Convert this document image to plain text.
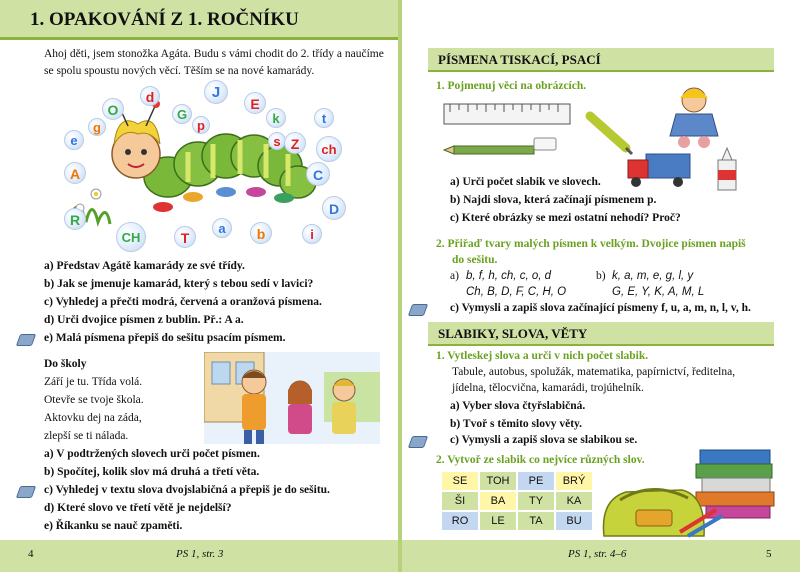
1. OPAKOVÁNÍ Z 1. ROČNÍKU
Ahoj děti, jsem stonožka Agáta. Budu s vámi chodit do 2. třídy a naučíme
se spolu spoustu nových věcí. Těším se na nové kamarády.
O
d	J
E
e
g
G
p	k	t
s Z	ch
A	C
R
D
CH	T
a	b	i
a) Představ Agátě kamarády ze své třídy.
b) Jak se jmenuje kamarád, který s tebou sedí v lavici?
c) Vyhledej a přečti modrá, červená a oranžová písmena.
d) Urči dvojice písmen z bublin. Př.: A a.
e) Malá písmena přepiš do sešitu psacím písmem.
Do školy
Září je tu. Třída volá.
Otevře se tvoje škola.
Aktovku dej na záda,
zlepší se ti nálada.
a) V podtržených slovech urči počet písmen.
b) Spočítej, kolik slov má druhá a třetí věta.
c) Vyhledej v textu slova dvojslabičná a přepiš je do sešitu.
d) Které slovo ve třetí větě je nejdelší?
e) Říkanku se nauč zpaměti.
PÍSMENA TISKACÍ, PSACÍ
1. Pojmenuj věci na obrázcích.
a) Urči počet slabik ve slovech.
b) Najdi slova, která začínají písmenem p.
c) Které obrázky se mezi ostatní nehodí? Proč?
2. Přiřaď tvary malých písmen k velkým. Dvojice písmen napiš
do sešitu.
a) b, f, h, ch, c, o, d
Ch, B, D, F, C, H, O
b) k, a, m, e, g, l, y
G, E, Y, K, A, M, L
c) Vymysli a zapiš slova začínající písmeny f, u, a, m, n, l, v, h.
SLABIKY, SLOVA, VĚTY
1. Vytleskej slova a urči v nich počet slabik.
Tabule, autobus, spolužák, matematika, papírnictví, ředitelna,
jídelna, tělocvična, kamarádi, trojúhelník.
a) Vyber slova čtyřslabičná.
b) Tvoř s těmito slovy věty.
c) Vymysli a zapiš slova se slabikou se.
2. Vytvoř ze slabik co nejvíce různých slov.
SE	TOH	PE	BRÝ
ŠI	BA	TY	KA
RO	LE	TA	BU
4	PS 1, str. 3	PS 1, str. 4–6	5
